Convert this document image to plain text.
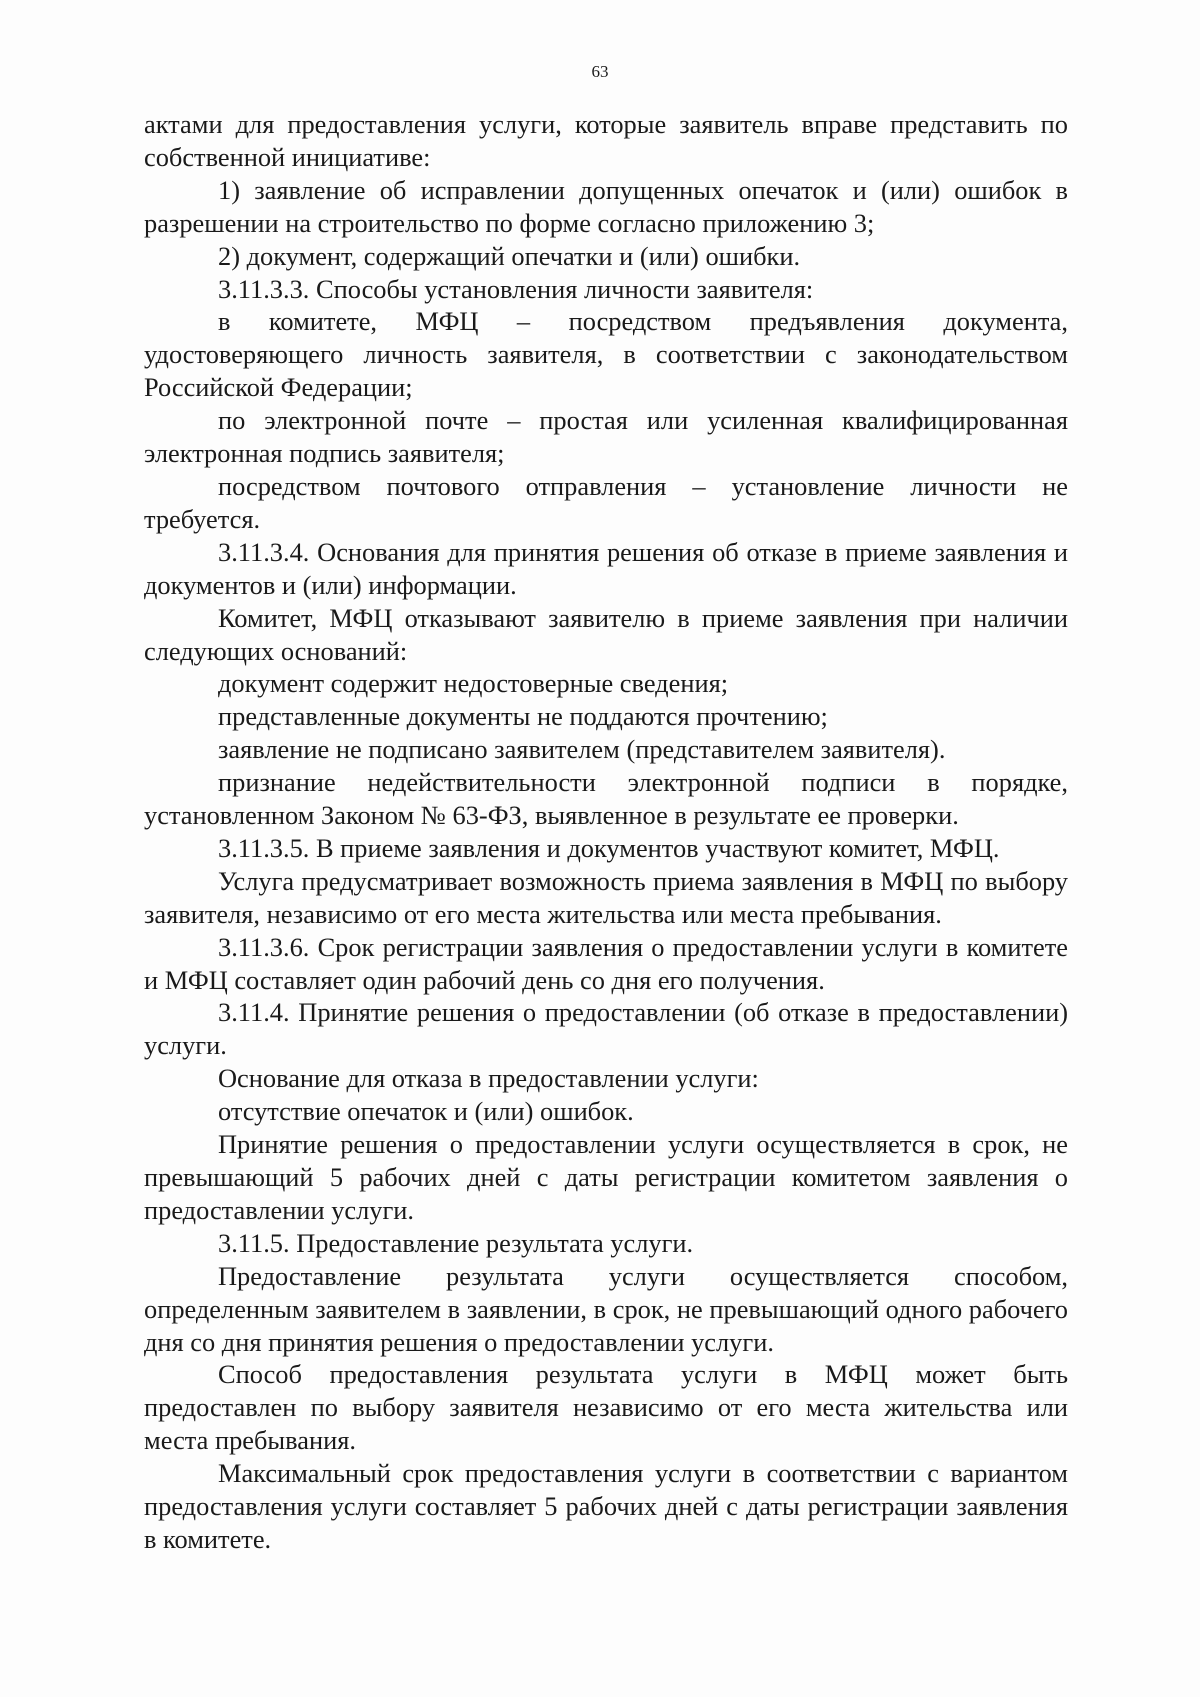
63

актами для предоставления услуги, которые заявитель вправе представить по собственной инициативе:

1) заявление об исправлении допущенных опечаток и (или) ошибок в разрешении на строительство по форме согласно приложению 3;

2) документ, содержащий опечатки и (или) ошибки.

3.11.3.3. Способы установления личности заявителя:

в комитете, МФЦ – посредством предъявления документа, удостоверяющего личность заявителя, в соответствии с законодательством Российской Федерации;

по электронной почте – простая или усиленная квалифицированная электронная подпись заявителя;

посредством почтового отправления – установление личности не требуется.

3.11.3.4. Основания для принятия решения об отказе в приеме заявления и документов и (или) информации.

Комитет, МФЦ отказывают заявителю в приеме заявления при наличии следующих оснований:

документ содержит недостоверные сведения;

представленные документы не поддаются прочтению;

заявление не подписано заявителем (представителем заявителя).

признание недействительности электронной подписи в порядке, установленном Законом № 63-ФЗ, выявленное в результате ее проверки.

3.11.3.5. В приеме заявления и документов участвуют комитет, МФЦ.

Услуга предусматривает возможность приема заявления в МФЦ по выбору заявителя, независимо от его места жительства или места пребывания.

3.11.3.6. Срок регистрации заявления о предоставлении услуги в комитете и МФЦ составляет один рабочий день со дня его получения.

3.11.4. Принятие решения о предоставлении (об отказе в предоставлении) услуги.

Основание для отказа в предоставлении услуги:

отсутствие опечаток и (или) ошибок.

Принятие решения о предоставлении услуги осуществляется в срок, не превышающий 5 рабочих дней с даты регистрации комитетом заявления о предоставлении услуги.

3.11.5. Предоставление результата услуги.

Предоставление результата услуги осуществляется способом, определенным заявителем в заявлении, в срок, не превышающий одного рабочего дня со дня принятия решения о предоставлении услуги.

Способ предоставления результата услуги в МФЦ может быть предоставлен по выбору заявителя независимо от его места жительства или места пребывания.

Максимальный срок предоставления услуги в соответствии с вариантом предоставления услуги составляет 5 рабочих дней с даты регистрации заявления в комитете.
